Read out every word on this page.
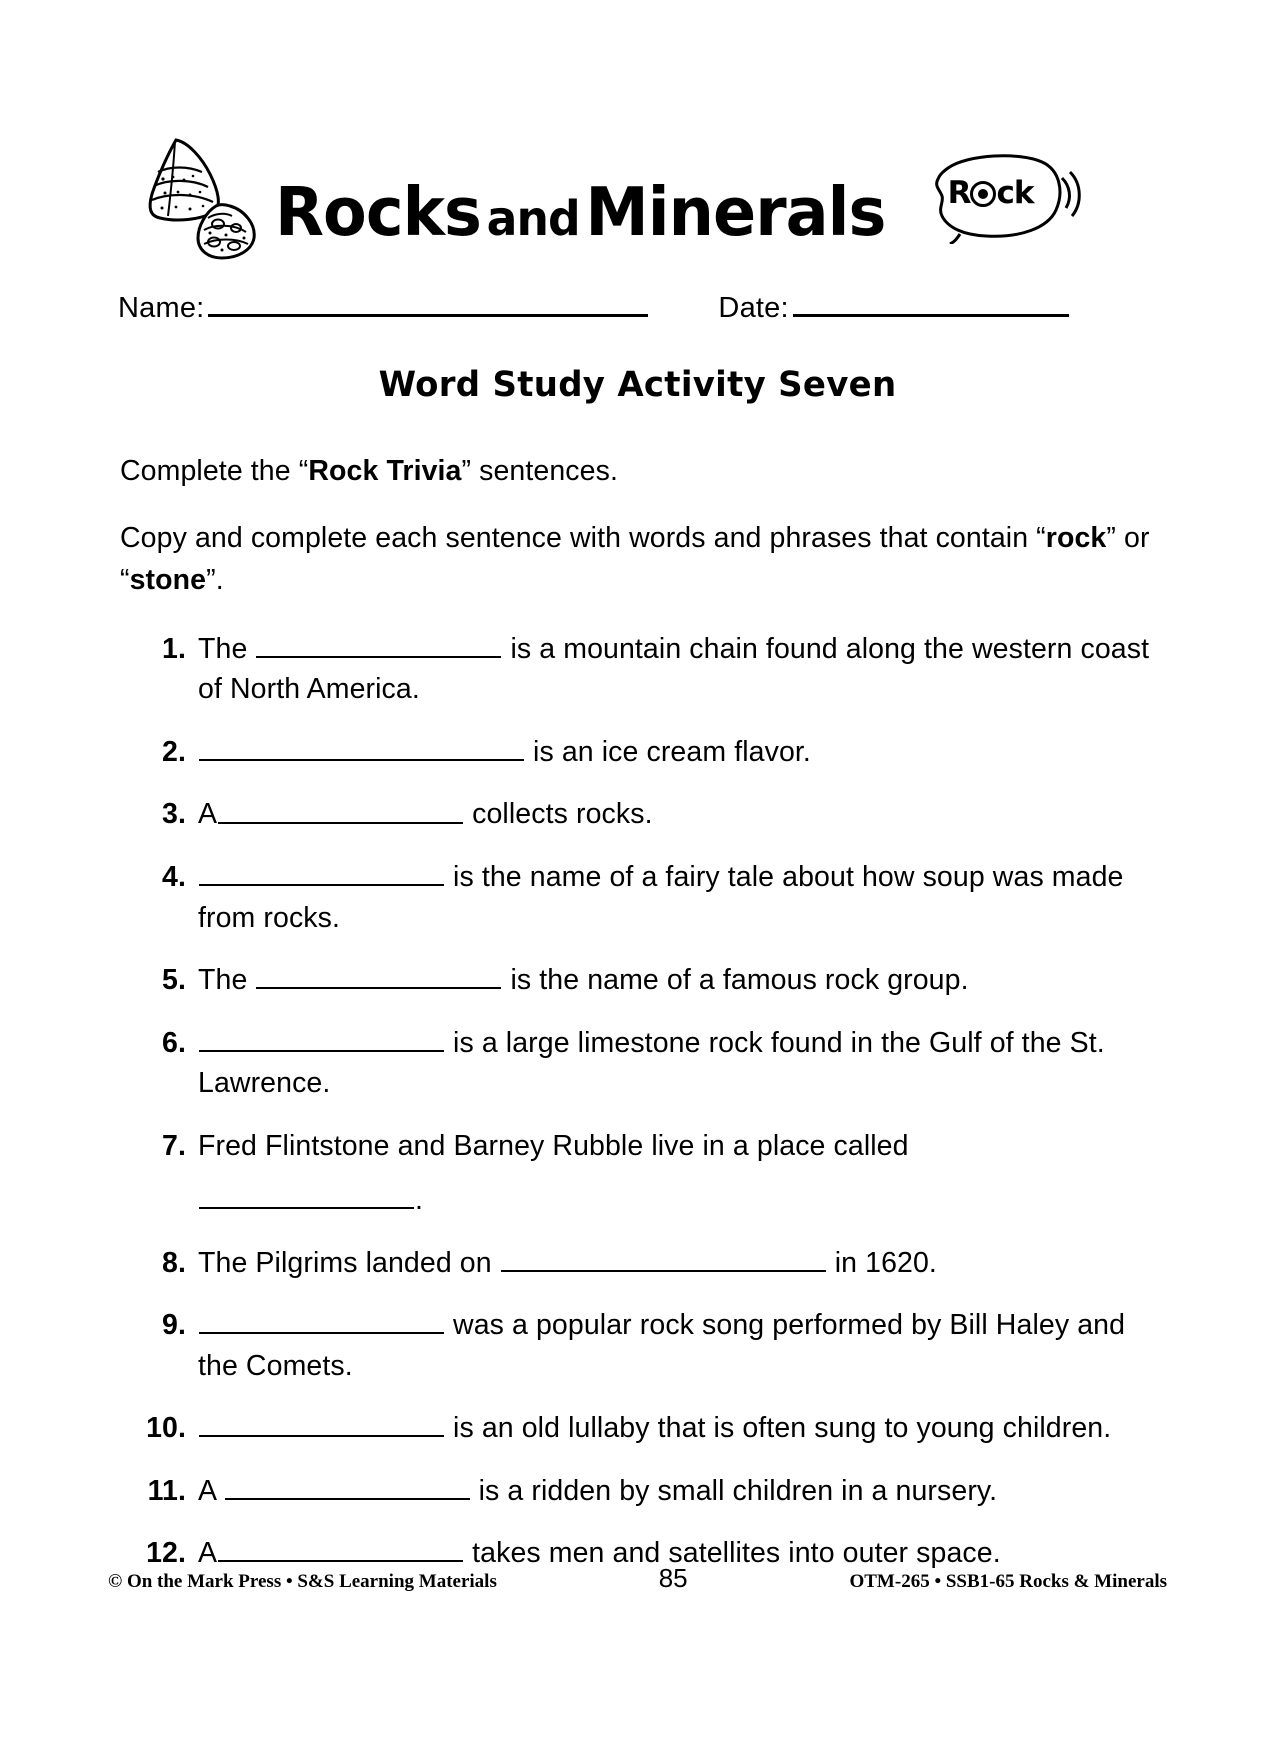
Rocks andMinerals R ck
Name:	Date:
Word Study Activity Seven

Complete the “Rock Trivia” sentences.

Copy and complete each sentence with words and phrases that contain “rock” or “stone”.

1. The	is a mountain chain found along the western coast of North America.
2.	is an ice cream flavor.
3. A	collects rocks.
4.	is the name of a fairy tale about how soup was made from rocks.
5. The	is the name of a famous rock group.
6.	is a large limestone rock found in the Gulf of the St. Lawrence.
7. Fred Flintstone and Barney Rubble live in a place called
.
8. The Pilgrims landed on	in 1620.
9.	was a popular rock song performed by Bill Haley and the Comets.
10.	is an old lullaby that is often sung to young children.
11. A	is a ridden by small children in a nursery.
12. A	takes men and satellites into outer space.
© On the Mark Press • S&S Learning Materials	85	OTM-265 • SSB1-65 Rocks & Minerals
